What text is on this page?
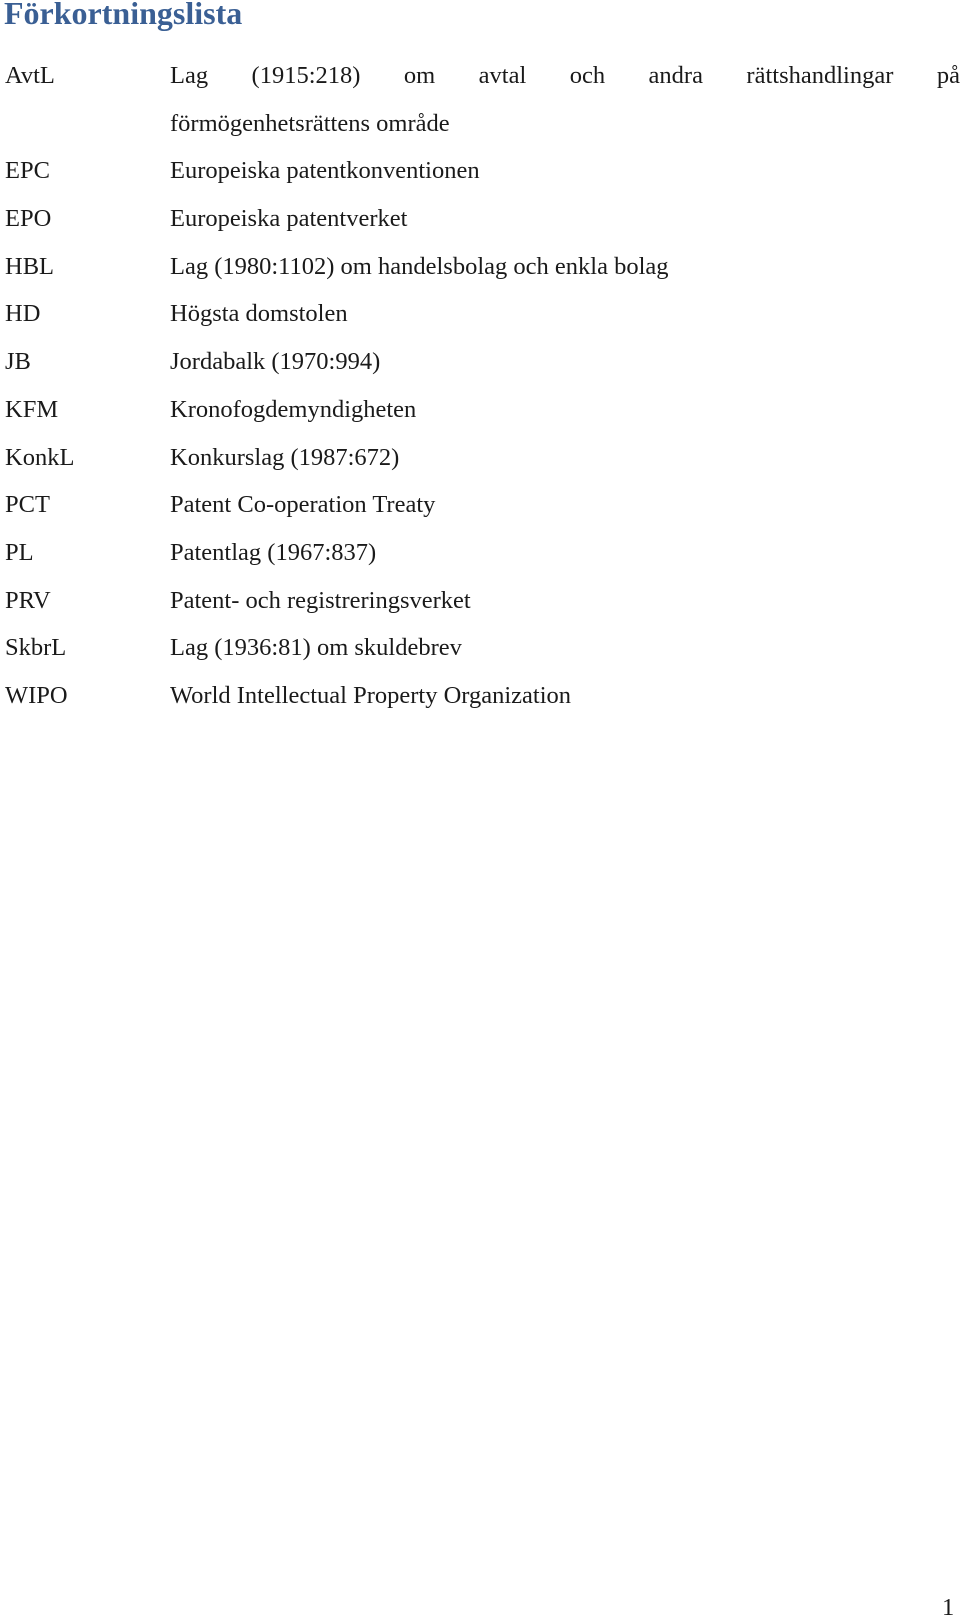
Förkortningslista
AvtL	Lag (1915:218) om avtal och andra rättshandlingar på
förmögenhetsrättens område
EPC	Europeiska patentkonventionen
EPO	Europeiska patentverket
HBL	Lag (1980:1102) om handelsbolag och enkla bolag
HD	Högsta domstolen
JB	Jordabalk (1970:994)
KFM	Kronofogdemyndigheten
KonkL	Konkurslag (1987:672)
PCT	Patent Co-operation Treaty
PL	Patentlag (1967:837)
PRV	Patent- och registreringsverket
SkbrL	Lag (1936:81) om skuldebrev
WIPO	World Intellectual Property Organization
1
